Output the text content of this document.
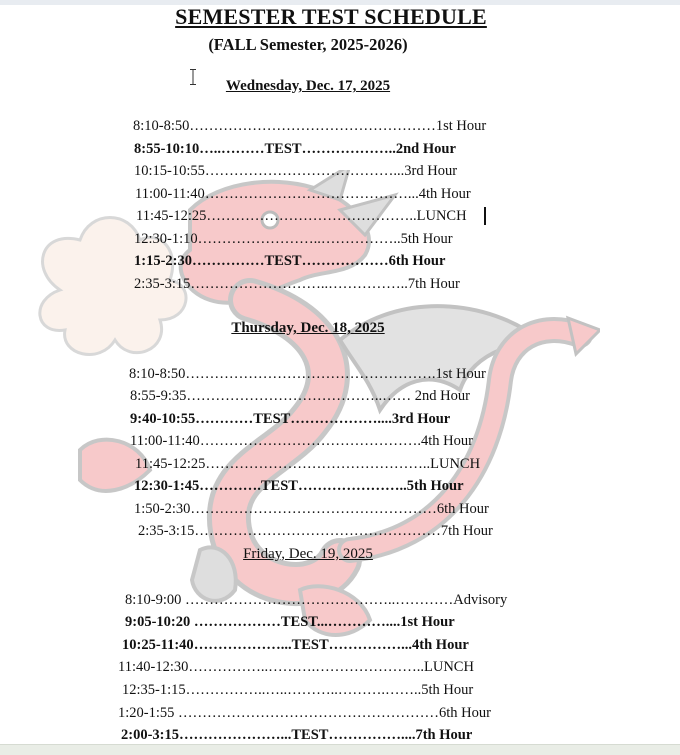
SEMESTER TEST SCHEDULE
(FALL Semester, 2025-2026)
Wednesday, Dec. 17, 2025
8:10-8:50……………………………………………1st Hour
8:55-10:10…..………TEST………………..2nd Hour
10:15-10:55…………………………………...3rd Hour
11:00-11:40……………………………………...4th Hour
11:45-12:25……………………………………..LUNCH
12:30-1:10……………………..……………..5th Hour
1:15-2:30……………TEST………………6th Hour
2:35-3:15………………………..……………..7th Hour
Thursday, Dec. 18, 2025
8:10-8:50…………………………………………….1st Hour
8:55-9:35…………………………………..…… 2nd Hour
9:40-10:55…………TEST………………....3rd Hour
11:00-11:40……………………………………….4th Hour
11:45-12:25………………………………………..LUNCH
12:30-1:45………….TEST…………………..5th Hour
1:50-2:30……………………………………………6th Hour
2:35-3:15……………………………………………7th Hour
Friday, Dec. 19, 2025
8:10-9:00 ……………………………………..…………Advisory
9:05-10:20 ………………TEST...…………....1st Hour
10:25-11:40………………...TEST……………...4th Hour
11:40-12:30……………..……….…………………..LUNCH
12:35-1:15……………..…..………..……….……..5th Hour
1:20-1:55 ………………………………………………6th Hour
2:00-3:15…………………...TEST……………....7th Hour
